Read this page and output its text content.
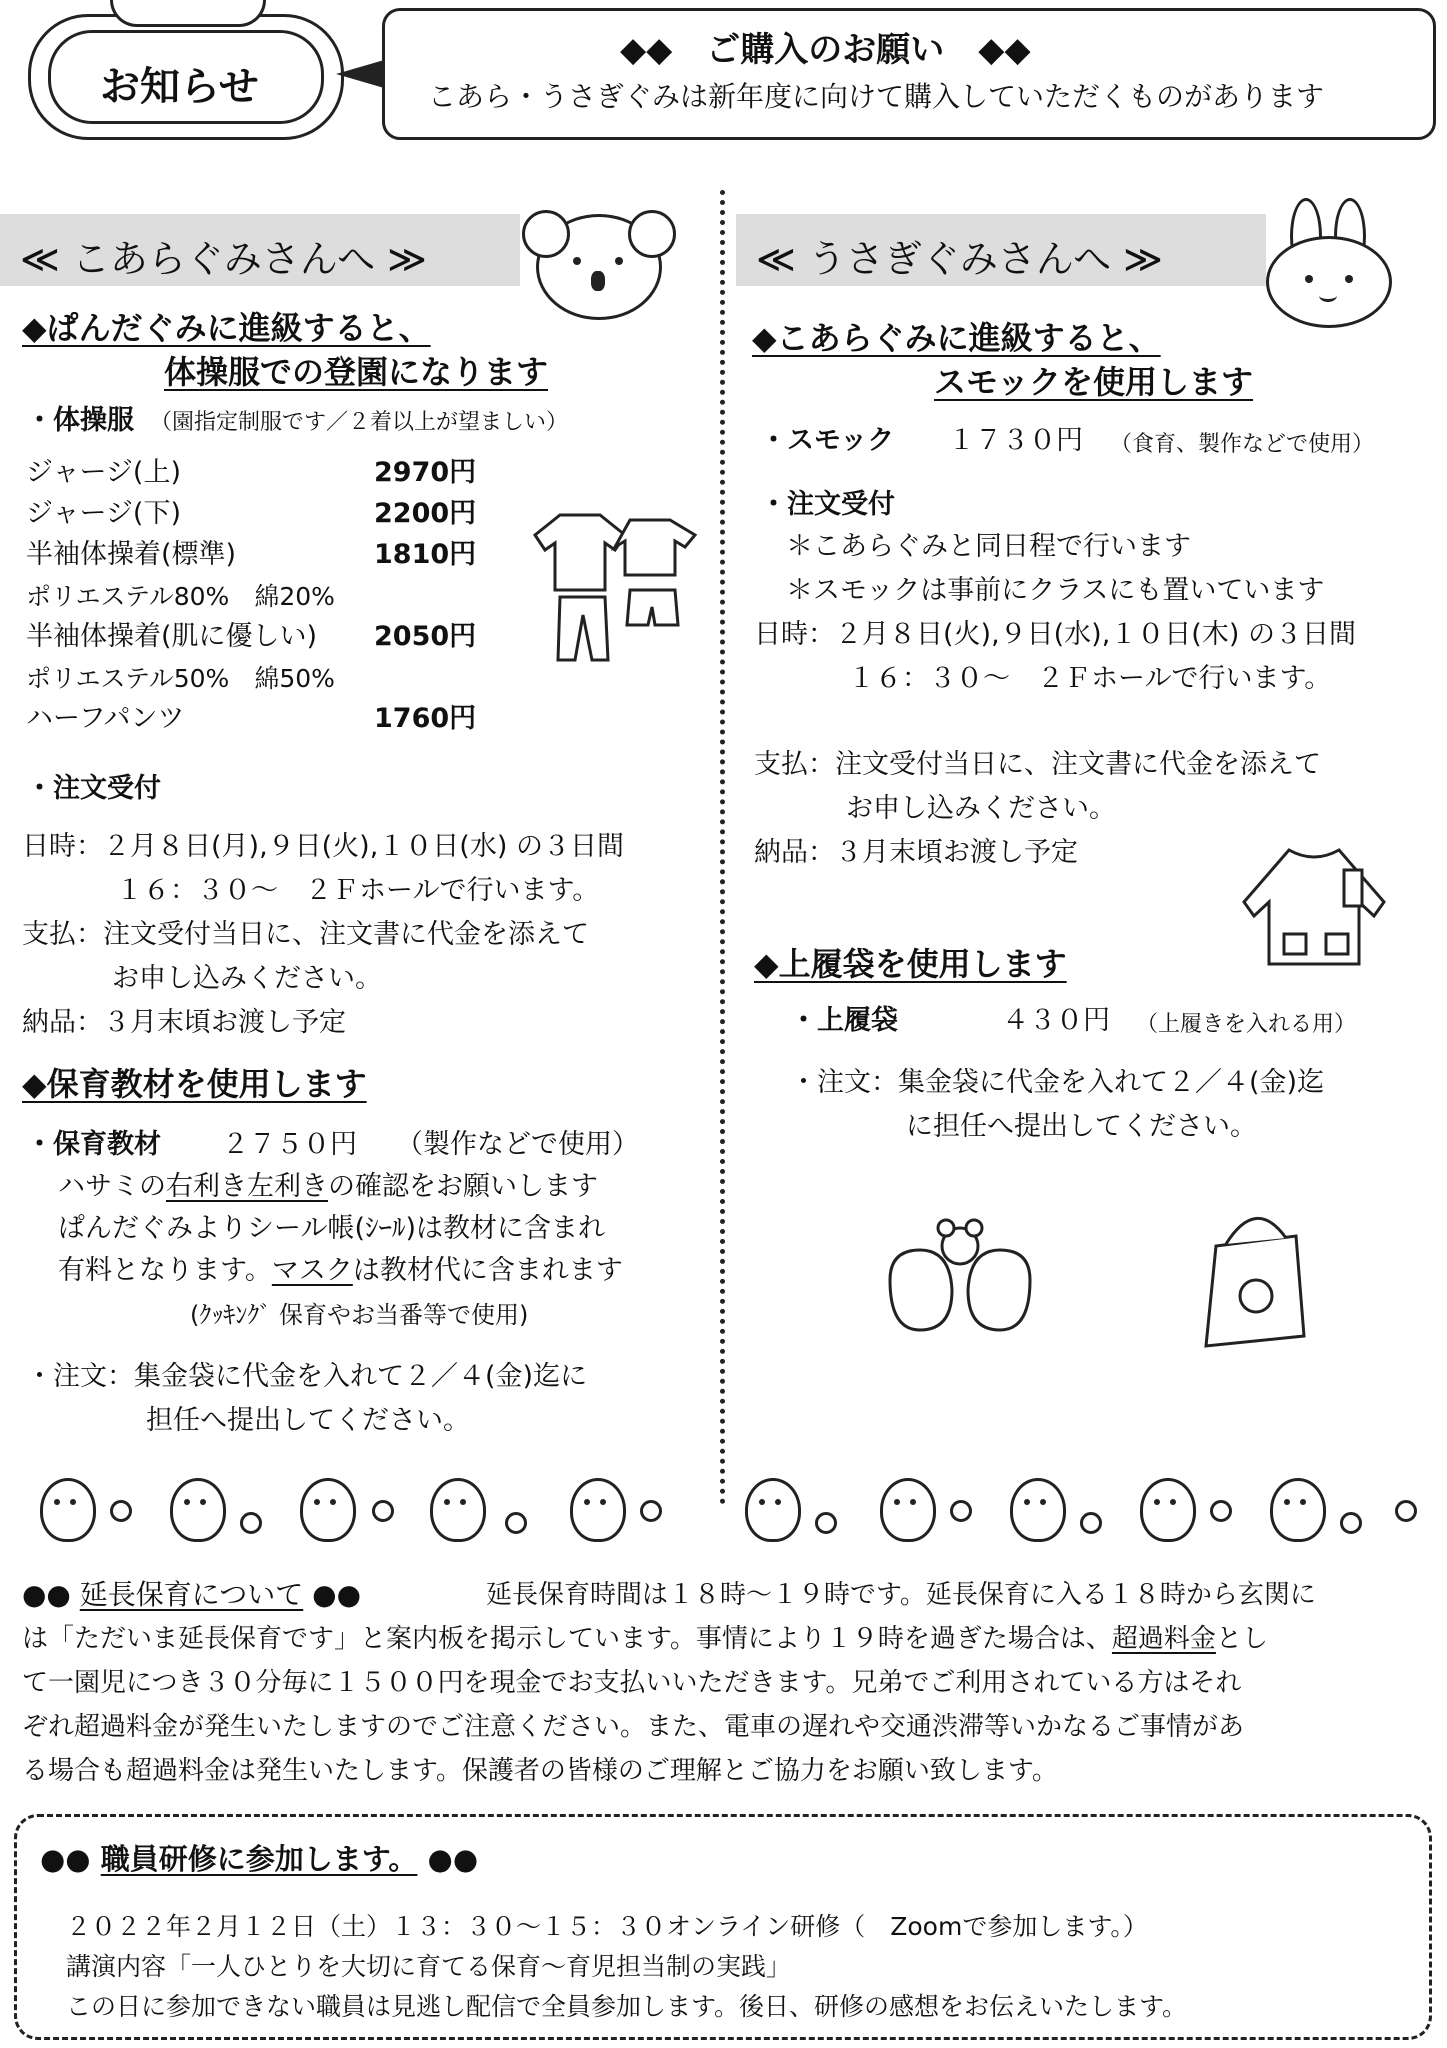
お知らせ
◆◆　ご購入のお願い　◆◆
こあら・うさぎぐみは新年度に向けて購入していただくものがあります
≪ こあらぐみさんへ ≫
◆ぱんだぐみに進級すると、
体操服での登園になります
・体操服 （園指定制服です／２着以上が望ましい）
ジャージ(上)	2970円
ジャージ(下)	2200円
半袖体操着(標準)	1810円
ポリエステル80%　綿20%
半袖体操着(肌に優しい) 2050円
ポリエステル50%　綿50%
ハーフパンツ	1760円
・注文受付
日時：２月８日(月),９日(火),１０日(水) の３日間
１６：３０～　２Ｆホールで行います。
支払：注文受付当日に、注文書に代金を添えて
お申し込みください。
納品：３月末頃お渡し予定
◆保育教材を使用します
・保育教材 ２７５０円 （製作などで使用）
ハサミの右利き左利きの確認をお願いします
ぱんだぐみよりシール帳(ｼｰﾙ)は教材に含まれ
有料となります。マスクは教材代に含まれます
(ｸｯｷﾝｸﾞ 保育やお当番等で使用)
・注文：集金袋に代金を入れて２／４(金)迄に
担任へ提出してください。
≪ うさぎぐみさんへ ≫
◆こあらぐみに進級すると、
スモックを使用します
・スモック １７３０円 （食育、製作などで使用）
・注文受付
＊こあらぐみと同日程で行います
＊スモックは事前にクラスにも置いています
日時：２月８日(火),９日(水),１０日(木) の３日間
１６：３０～　２Ｆホールで行います。
支払：注文受付当日に、注文書に代金を添えて
お申し込みください。
納品：３月末頃お渡し予定
◆上履袋を使用します
・上履袋	４３０円 （上履きを入れる用）
・注文：集金袋に代金を入れて２／４(金)迄
に担任へ提出してください。
●● 延長保育について ●●	延長保育時間は１８時～１９時です。延長保育に入る１８時から玄関に
は「ただいま延長保育です」と案内板を掲示しています。事情により１９時を過ぎた場合は、超過料金とし
て一園児につき３０分毎に１５００円を現金でお支払いいただきます。兄弟でご利用されている方はそれ
ぞれ超過料金が発生いたしますのでご注意ください。また、電車の遅れや交通渋滞等いかなるご事情があ
る場合も超過料金は発生いたします。保護者の皆様のご理解とご協力をお願い致します。
●● 職員研修に参加します。 ●●
２０２２年２月１２日（土）１３：３０～１５：３０オンライン研修（　Zoomで参加します。）
講演内容「一人ひとりを大切に育てる保育～育児担当制の実践」
この日に参加できない職員は見逃し配信で全員参加します。後日、研修の感想をお伝えいたします。
